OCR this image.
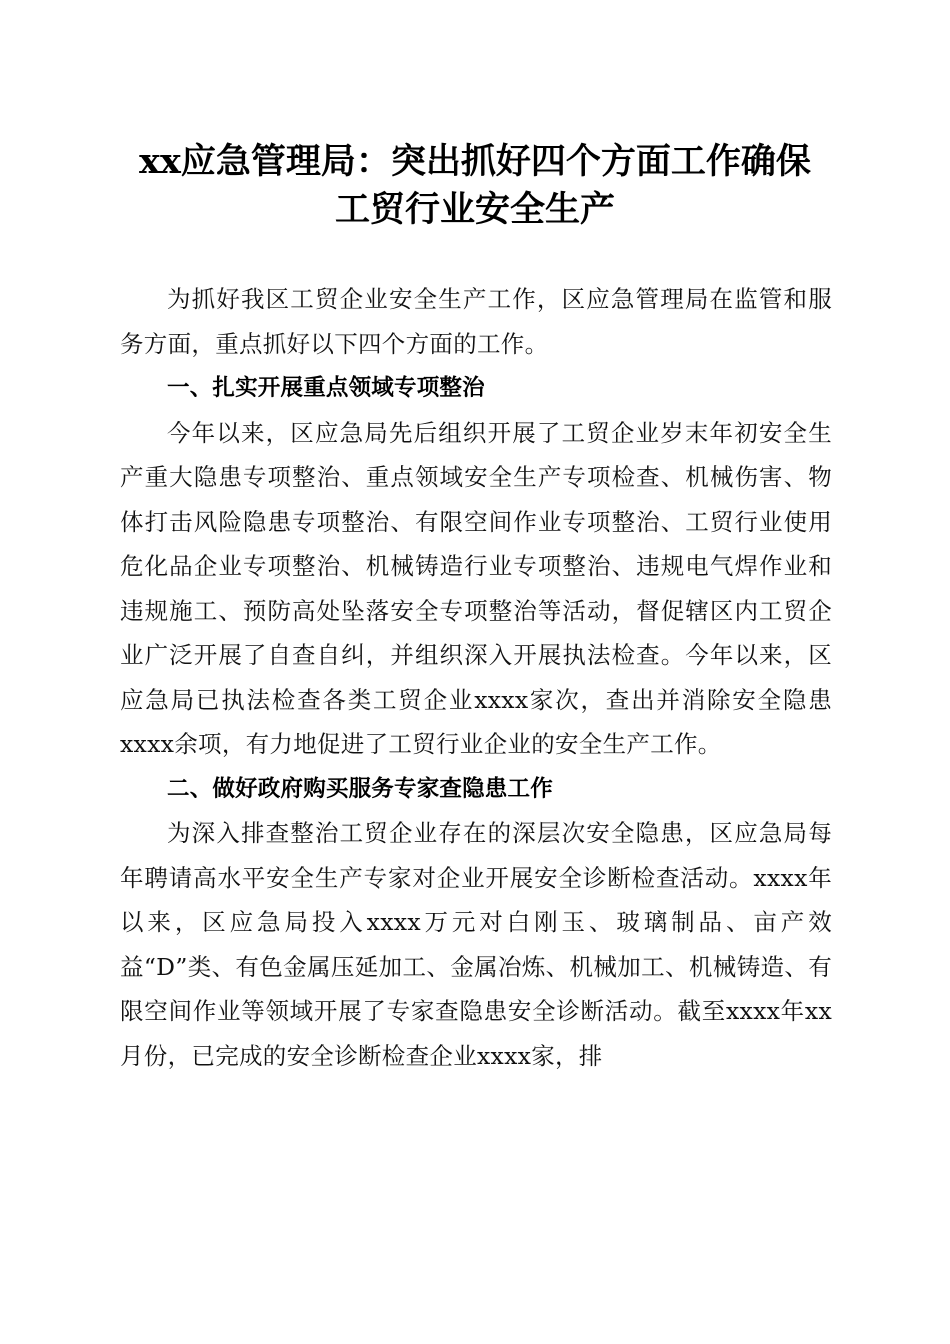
xx应急管理局：突出抓好四个方面工作确保
工贸行业安全生产

为抓好我区工贸企业安全生产工作，区应急管理局在监管和服务方面，重点抓好以下四个方面的工作。

一、扎实开展重点领域专项整治

今年以来，区应急局先后组织开展了工贸企业岁末年初安全生产重大隐患专项整治、重点领域安全生产专项检查、机械伤害、物体打击风险隐患专项整治、有限空间作业专项整治、工贸行业使用危化品企业专项整治、机械铸造行业专项整治、违规电气焊作业和违规施工、预防高处坠落安全专项整治等活动，督促辖区内工贸企业广泛开展了自查自纠，并组织深入开展执法检查。今年以来，区应急局已执法检查各类工贸企业xxxx家次，查出并消除安全隐患xxxx余项，有力地促进了工贸行业企业的安全生产工作。

二、做好政府购买服务专家查隐患工作

为深入排查整治工贸企业存在的深层次安全隐患，区应急局每年聘请高水平安全生产专家对企业开展安全诊断检查活动。xxxx年以来，区应急局投入xxxx万元对白刚玉、玻璃制品、亩产效益“D”类、有色金属压延加工、金属冶炼、机械加工、机械铸造、有限空间作业等领域开展了专家查隐患安全诊断活动。截至xxxx年xx月份，已完成的安全诊断检查企业xxxx家，排
